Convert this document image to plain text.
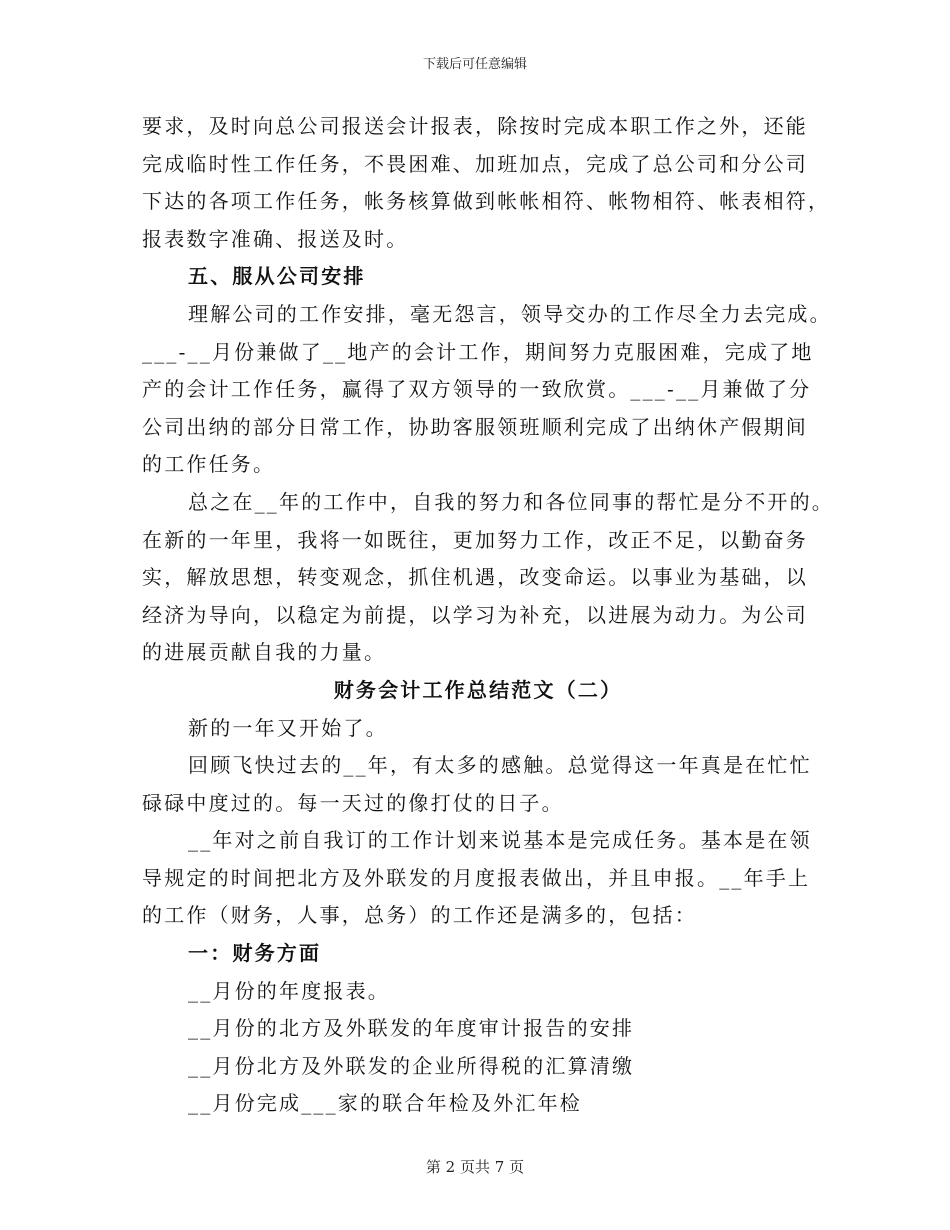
下载后可任意编辑
要求，及时向总公司报送会计报表，除按时完成本职工作之外，还能
完成临时性工作任务，不畏困难、加班加点，完成了总公司和分公司
下达的各项工作任务，帐务核算做到帐帐相符、帐物相符、帐表相符，
报表数字准确、报送及时。
五、服从公司安排
理解公司的工作安排，毫无怨言，领导交办的工作尽全力去完成。
___-__月份兼做了__地产的会计工作，期间努力克服困难，完成了地
产的会计工作任务，赢得了双方领导的一致欣赏。___-__月兼做了分
公司出纳的部分日常工作，协助客服领班顺利完成了出纳休产假期间
的工作任务。
总之在__年的工作中，自我的努力和各位同事的帮忙是分不开的。
在新的一年里，我将一如既往，更加努力工作，改正不足，以勤奋务
实，解放思想，转变观念，抓住机遇，改变命运。以事业为基础，以
经济为导向，以稳定为前提，以学习为补充，以进展为动力。为公司
的进展贡献自我的力量。
财务会计工作总结范文（二）
新的一年又开始了。
回顾飞快过去的__年，有太多的感触。总觉得这一年真是在忙忙
碌碌中度过的。每一天过的像打仗的日子。
__年对之前自我订的工作计划来说基本是完成任务。基本是在领
导规定的时间把北方及外联发的月度报表做出，并且申报。__年手上
的工作（财务，人事，总务）的工作还是满多的，包括：
一：财务方面
__月份的年度报表。
__月份的北方及外联发的年度审计报告的安排
__月份北方及外联发的企业所得税的汇算清缴
__月份完成___家的联合年检及外汇年检
第 2 页共 7 页
